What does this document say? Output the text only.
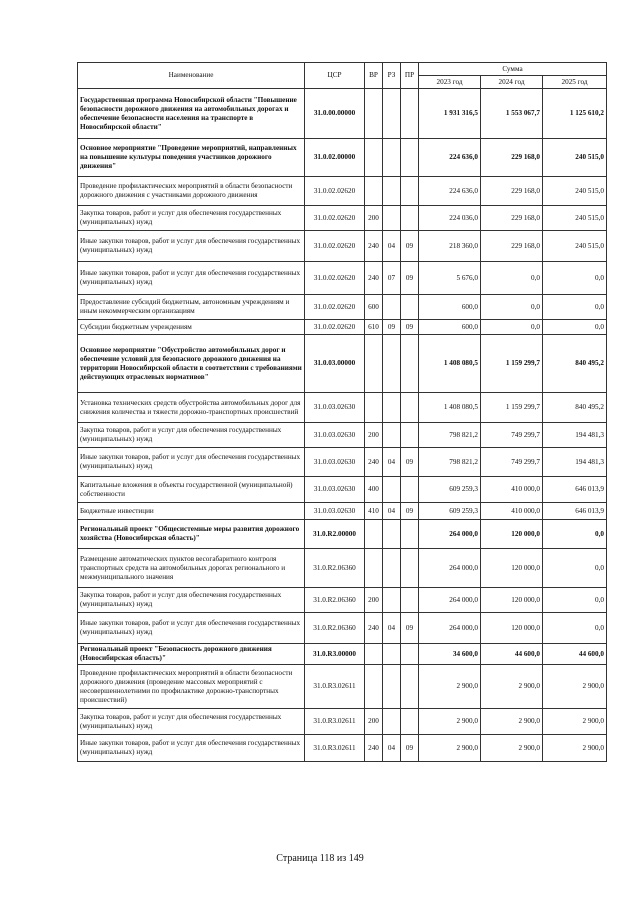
Наименование	ЦСР	ВР	РЗ	ПР	Сумма		
					2023 год	2024 год	2025 год
Государственная программа Новосибирской области "Повышение безопасности дорожного движения на автомобильных дорогах и обеспечение безопасности населения на транспорте в Новосибирской области"	31.0.00.00000				1 931 316,5	1 553 067,7	1 125 610,2
Основное мероприятие "Проведение мероприятий, направленных на повышение культуры поведения участников дорожного движения"	31.0.02.00000				224 636,0	229 168,0	240 515,0
Проведение профилактических мероприятий в области безопасности дорожного движения с участниками дорожного движения	31.0.02.02620				224 636,0	229 168,0	240 515,0
Закупка товаров, работ и услуг для обеспечения государственных (муниципальных) нужд	31.0.02.02620	200			224 036,0	229 168,0	240 515,0
Иные закупки товаров, работ и услуг для обеспечения государственных (муниципальных) нужд	31.0.02.02620	240	04	09	218 360,0	229 168,0	240 515,0
Иные закупки товаров, работ и услуг для обеспечения государственных (муниципальных) нужд	31.0.02.02620	240	07	09	5 676,0	0,0	0,0
Предоставление субсидий бюджетным, автономным учреждениям и иным некоммерческим организациям	31.0.02.02620	600			600,0	0,0	0,0
Субсидии бюджетным учреждениям	31.0.02.02620	610	09	09	600,0	0,0	0,0
Основное мероприятие "Обустройство автомобильных дорог и обеспечение условий для безопасного дорожного движения на территории Новосибирской области в соответствии с требованиями действующих отраслевых нормативов"	31.0.03.00000				1 408 080,5	1 159 299,7	840 495,2
Установка технических средств обустройства автомобильных дорог для снижения количества и тяжести дорожно-транспортных происшествий	31.0.03.02630				1 408 080,5	1 159 299,7	840 495,2
Закупка товаров, работ и услуг для обеспечения государственных (муниципальных) нужд	31.0.03.02630	200			798 821,2	749 299,7	194 481,3
Иные закупки товаров, работ и услуг для обеспечения государственных (муниципальных) нужд	31.0.03.02630	240	04	09	798 821,2	749 299,7	194 481,3
Капитальные вложения в объекты государственной (муниципальной) собственности	31.0.03.02630	400			609 259,3	410 000,0	646 013,9
Бюджетные инвестиции	31.0.03.02630	410	04	09	609 259,3	410 000,0	646 013,9
Региональный проект "Общесистемные меры развития дорожного хозяйства (Новосибирская область)"	31.0.R2.00000				264 000,0	120 000,0	0,0
Размещение автоматических пунктов весогабаритного контроля транспортных средств на автомобильных дорогах регионального и межмуниципального значения	31.0.R2.06360				264 000,0	120 000,0	0,0
Закупка товаров, работ и услуг для обеспечения государственных (муниципальных) нужд	31.0.R2.06360	200			264 000,0	120 000,0	0,0
Иные закупки товаров, работ и услуг для обеспечения государственных (муниципальных) нужд	31.0.R2.06360	240	04	09	264 000,0	120 000,0	0,0
Региональный проект "Безопасность дорожного движения (Новосибирская область)"	31.0.R3.00000				34 600,0	44 600,0	44 600,0
Проведение профилактических мероприятий в области безопасности дорожного движения (проведение массовых мероприятий с несовершеннолетними по профилактике дорожно-транспортных происшествий)	31.0.R3.02611				2 900,0	2 900,0	2 900,0
Закупка товаров, работ и услуг для обеспечения государственных (муниципальных) нужд	31.0.R3.02611	200			2 900,0	2 900,0	2 900,0
Иные закупки товаров, работ и услуг для обеспечения государственных (муниципальных) нужд	31.0.R3.02611	240	04	09	2 900,0	2 900,0	2 900,0
Страница 118 из 149
